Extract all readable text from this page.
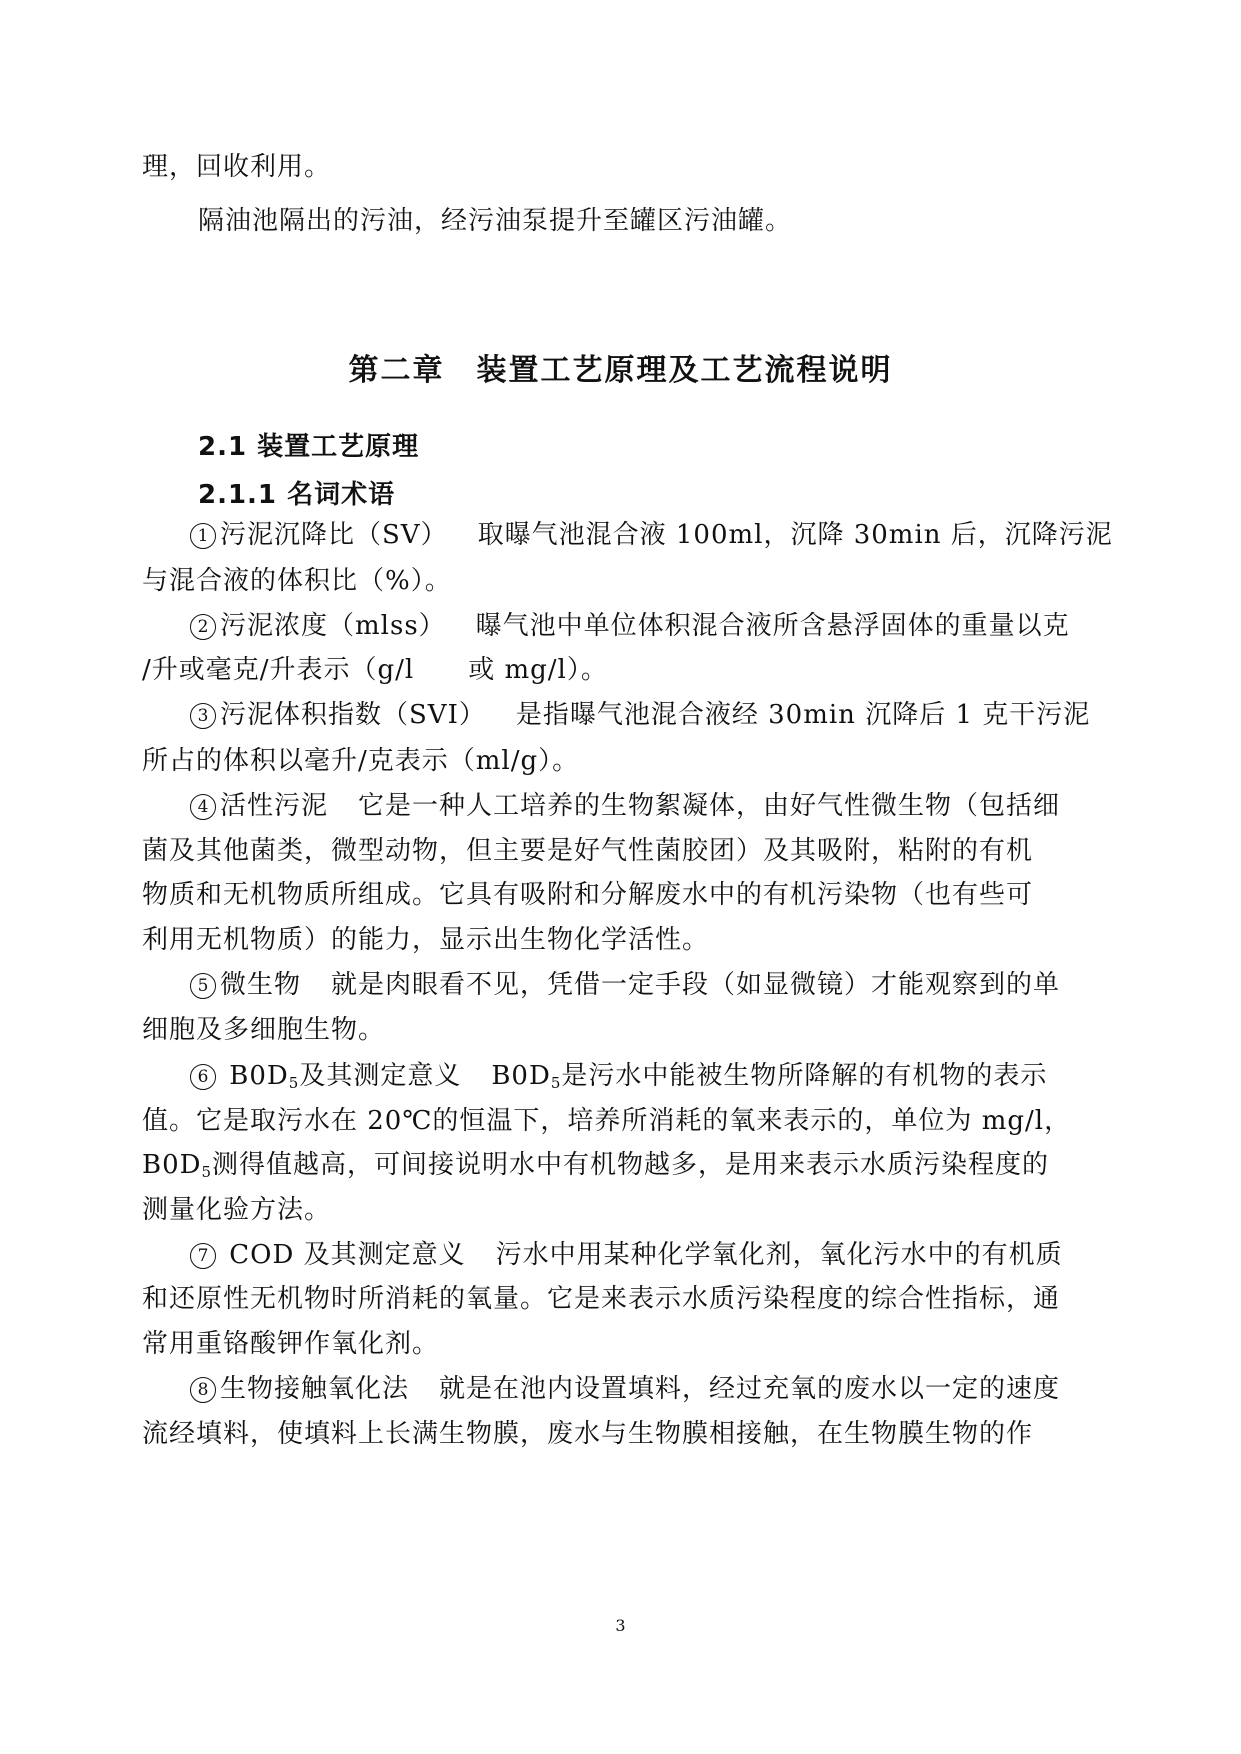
理，回收利用。
隔油池隔出的污油，经污油泵提升至罐区污油罐。
第二章　装置工艺原理及工艺流程说明
2.1 装置工艺原理
2.1.1 名词术语
1 污泥沉降比（SV） 取曝气池混合液 100ml，沉降 30min 后，沉降污泥
与混合液的体积比（%）。
2 污泥浓度（mlss） 曝气池中单位体积混合液所含悬浮固体的重量以克
/升或毫克/升表示（g/l　　或 mg/l）。
3 污泥体积指数（SVI） 是指曝气池混合液经 30min 沉降后 1 克干污泥
所占的体积以毫升/克表示（ml/g）。
4 活性污泥 它是一种人工培养的生物絮凝体，由好气性微生物（包括细
菌及其他菌类，微型动物，但主要是好气性菌胶团）及其吸附，粘附的有机
物质和无机物质所组成。它具有吸附和分解废水中的有机污染物（也有些可
利用无机物质）的能力，显示出生物化学活性。
5 微生物 就是肉眼看不见，凭借一定手段（如显微镜）才能观察到的单
细胞及多细胞生物。
6 $B0D_5$及其测定意义 $B0D_5$是污水中能被生物所降解的有机物的表示
值。它是取污水在 20℃的恒温下，培养所消耗的氧来表示的，单位为 mg/l，
$B0D_5$测得值越高，可间接说明水中有机物越多，是用来表示水质污染程度的
测量化验方法。
7 COD 及其测定意义 污水中用某种化学氧化剂，氧化污水中的有机质
和还原性无机物时所消耗的氧量。它是来表示水质污染程度的综合性指标，通
常用重铬酸钾作氧化剂。
8 生物接触氧化法 就是在池内设置填料，经过充氧的废水以一定的速度
流经填料，使填料上长满生物膜，废水与生物膜相接触，在生物膜生物的作
3
